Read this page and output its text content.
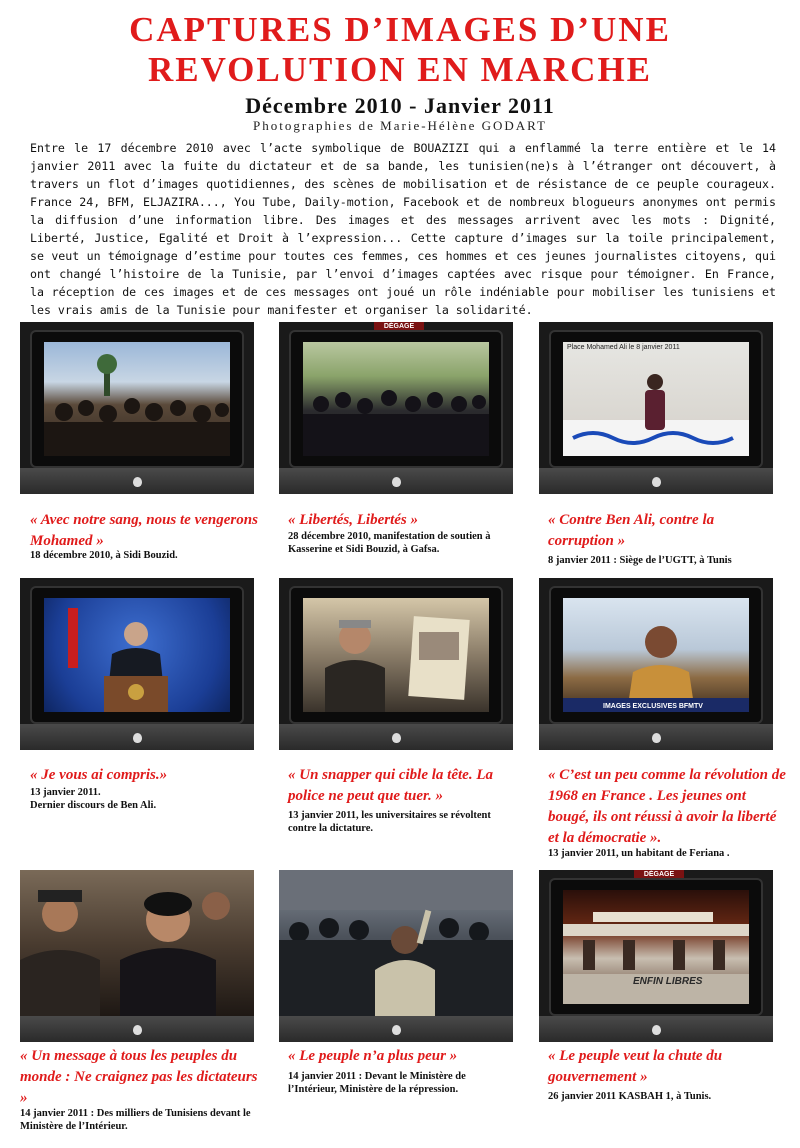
CAPTURES D’IMAGES D’UNE
REVOLUTION EN MARCHE
Décembre 2010 - Janvier 2011
Photographies de Marie-Hélène GODART
Entre le 17 décembre 2010 avec l’acte symbolique de BOUAZIZI qui a enflammé la terre entière et le 14 janvier 2011 avec la fuite du dictateur et de sa bande, les tunisien(ne)s à l’étranger ont découvert, à travers un flot d’images quotidiennes, des scènes de mobilisation et de résistance de ce peuple courageux. France 24, BFM, ELJAZIRA..., You Tube, Daily-motion, Facebook et de nombreux blogueurs anonymes ont permis la diffusion d’une information libre. Des images et des messages arrivent avec les mots : Dignité, Liberté, Justice, Egalité et Droit à l’expression... Cette capture d’images sur la toile principalement, se veut un témoignage d’estime pour toutes ces femmes, ces hommes et ces jeunes journalistes citoyens, qui ont changé l’histoire de la Tunisie, par l’envoi d’images captées avec risque pour témoigner. En France, la réception de ces images et de ces messages ont joué un rôle indéniable pour mobiliser les tunisiens et les vrais amis de la Tunisie pour manifester et organiser la solidarité.
DÉGAGE
Place Mohamed Ali le 8 janvier 2011
« Avec notre sang, nous te vengerons Mohamed »
18 décembre 2010, à Sidi Bouzid.
« Libertés, Libertés »
28 décembre 2010, manifestation de soutien à Kasserine et Sidi Bouzid, à Gafsa.
« Contre Ben Ali, contre la corruption »
8 janvier 2011 : Siège de l’UGTT, à Tunis
IMAGES EXCLUSIVES BFMTV
« Je vous ai compris.»
13 janvier 2011.
Dernier discours de Ben Ali.
« Un snapper qui cible la tête. La police ne peut que tuer. »
13 janvier 2011, les universitaires se révoltent contre la dictature.
« C’est un peu comme la révolution de 1968 en France . Les jeunes ont bougé, ils ont réussi à avoir la liberté et la démocratie ».
13 janvier 2011, un habitant de Feriana .
DÉGAGE
ENFIN LIBRES
« Un message à tous les peuples du monde : Ne craignez pas les dictateurs »
14 janvier 2011 : Des milliers de Tunisiens devant le Ministère de l’Intérieur.
« Le peuple n’a plus peur »
14 janvier 2011 : Devant le Ministère de l’Intérieur, Ministère de la répression.
« Le peuple veut la chute du gouvernement »
26 janvier 2011 KASBAH 1, à Tunis.
